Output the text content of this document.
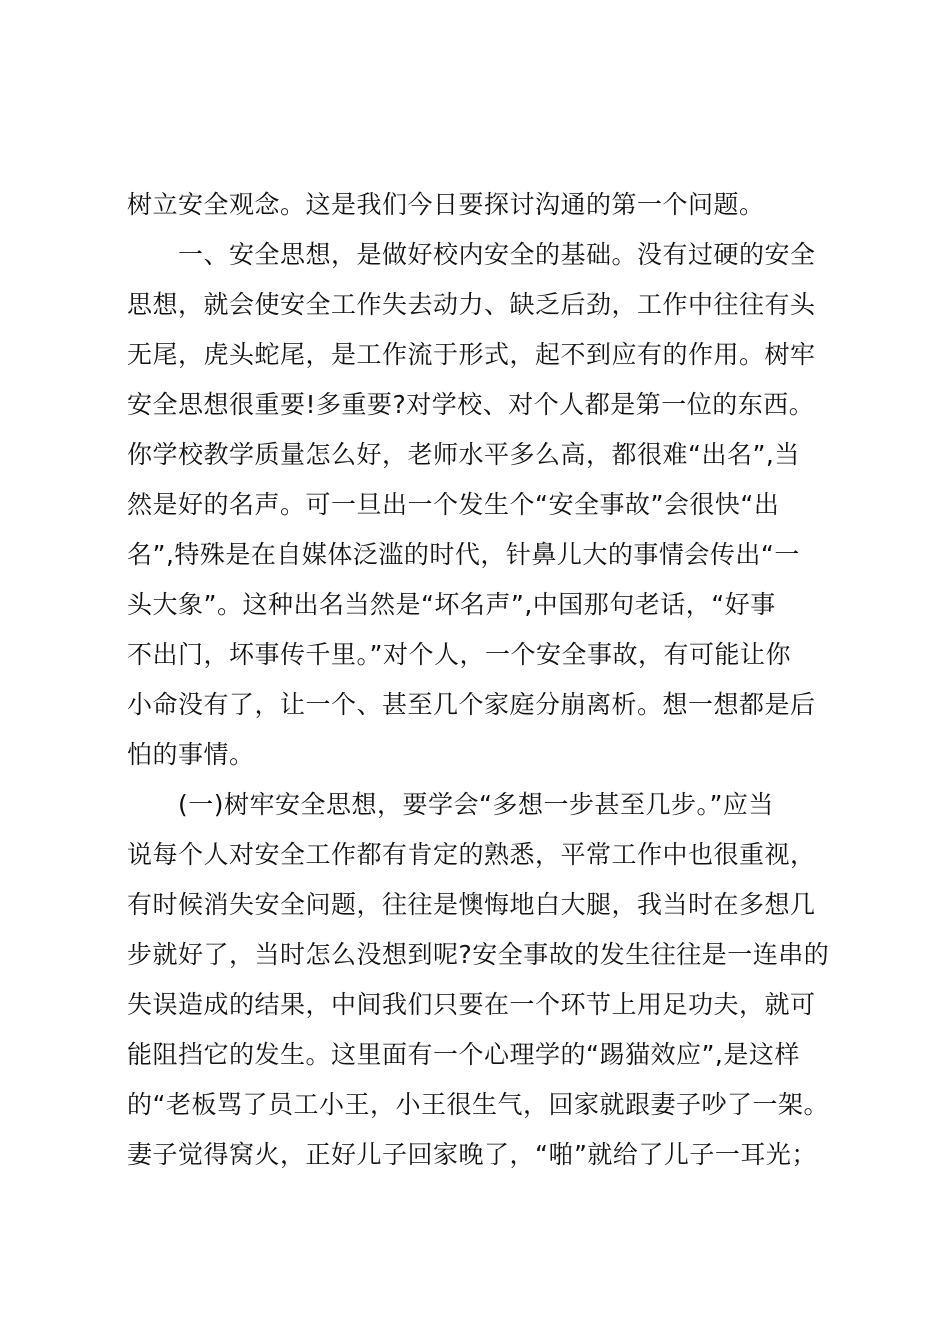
树立安全观念。这是我们今日要探讨沟通的第一个问题。
一、安全思想，是做好校内安全的基础。没有过硬的安全
思想，就会使安全工作失去动力、缺乏后劲，工作中往往有头
无尾，虎头蛇尾，是工作流于形式，起不到应有的作用。树牢
安全思想很重要!多重要?对学校、对个人都是第一位的东西。
你学校教学质量怎么好，老师水平多么高，都很难“出名”,当
然是好的名声。可一旦出一个发生个“安全事故”会很快“出
名”,特殊是在自媒体泛滥的时代，针鼻儿大的事情会传出“一
头大象”。这种出名当然是“坏名声”,中国那句老话，“好事
不出门，坏事传千里。”对个人，一个安全事故，有可能让你
小命没有了，让一个、甚至几个家庭分崩离析。想一想都是后
怕的事情。
(一)树牢安全思想，要学会“多想一步甚至几步。”应当
说每个人对安全工作都有肯定的熟悉，平常工作中也很重视，
有时候消失安全问题，往往是懊悔地白大腿，我当时在多想几
步就好了，当时怎么没想到呢?安全事故的发生往往是一连串的
失误造成的结果，中间我们只要在一个环节上用足功夫，就可
能阻挡它的发生。这里面有一个心理学的“踢猫效应”,是这样
的“老板骂了员工小王，小王很生气，回家就跟妻子吵了一架。
妻子觉得窝火，正好儿子回家晚了，“啪”就给了儿子一耳光；
